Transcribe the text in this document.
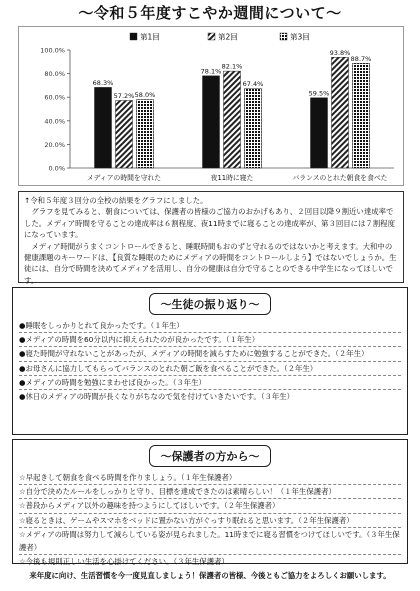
〜令和５年度すこやか週間について〜
0.0%
20.0%
40.0%
60.0%
80.0%
100.0%
第1回	第2回	第3回
68.3%
57.2% 58.0%
メディアの時間を守れた
78.1%
82.1%
67.4%
夜11時に寝た
59.5%
93.8%
88.7%
バランスのとれた朝食を食べた

↑令和５年度３回分の全校の結果をグラフにしました。

グラフを見てみると、朝食については、保護者の皆様のご協力のおかげもあり、２回目以降９割近い達成率でした。メディア時間を守ることの達成率は６割程度、夜11時までに寝ることの達成率が、第３回目には７割程度になっています。

メディア時間がうまくコントロールできると、睡眠時間もおのずと守れるのではないかと考えます。大和中の健康課題のキーワードは、【良質な睡眠のためにメディアの時間をコントロールしよう】ではないでしょうか。生徒には、自分で時間を決めてメディアを活用し、自分の健康は自分で守ることのできる中学生になってほしいです。

〜生徒の振り返り〜
●睡眠をしっかりとれて良かったです。（１年生）
●メディアの時間を60分以内に抑えられたのが良かったです。（１年生）
●寝た時間が守れないことがあったが、メディアの時間を減らすために勉強することができた。（２年生）
●お母さんに協力してもらってバランスのとれた朝ご飯を食べることができた。（２年生）
●メディアの時間を勉強にまわせば良かった。（３年生）
●休日のメディアの時間が長くなりがちなので気を付けていきたいです。（３年生）
〜保護者の方から〜
☆早起きして朝食を食べる時間を作りましょう。（１年生保護者）
☆自分で決めたルールをしっかりと守り、目標を達成できたのは素晴らしい！（１年生保護者）
☆普段からメディア以外の趣味を持つようにしてほしいです。（２年生保護者）
☆寝るときは、ゲームやスマホをベッドに置かない方がぐっすり眠れると思います。（２年生保護者）
☆メディアの時間は努力して減らしている姿が見られました。11時までに寝る習慣をつけてほしいです。（３年生保護者）
☆今後も規則正しい生活を心掛けてください。（３年生保護者）
来年度に向け、生活習慣を今一度見直しましょう！保護者の皆様、今後ともご協力をよろしくお願いします。
